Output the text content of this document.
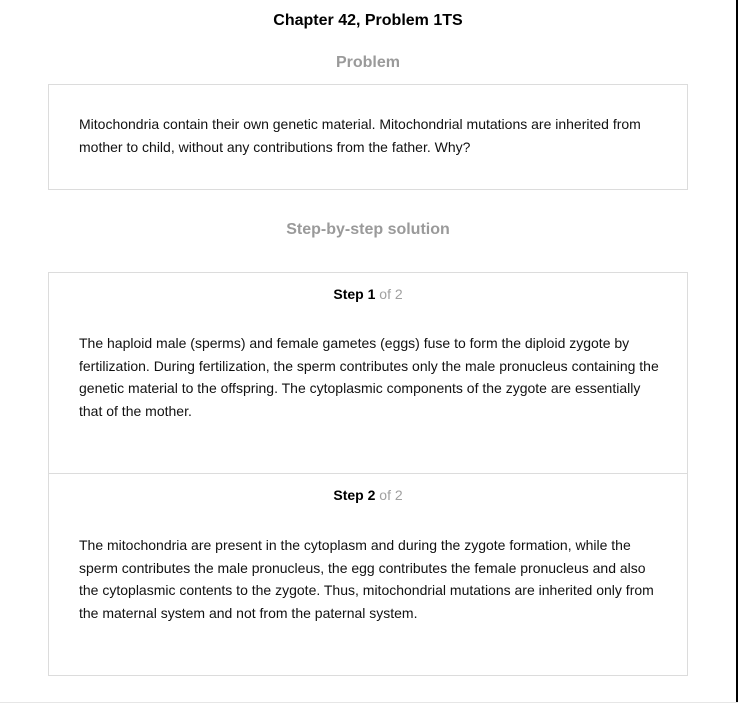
Chapter 42, Problem 1TS
Problem

Mitochondria contain their own genetic material. Mitochondrial mutations are inherited from mother to child, without any contributions from the father. Why?

Step-by-step solution
Step 1 of 2

The haploid male (sperms) and female gametes (eggs) fuse to form the diploid zygote by fertilization. During fertilization, the sperm contributes only the male pronucleus containing the genetic material to the offspring. The cytoplasmic components of the zygote are essentially that of the mother.

Step 2 of 2

The mitochondria are present in the cytoplasm and during the zygote formation, while the sperm contributes the male pronucleus, the egg contributes the female pronucleus and also the cytoplasmic contents to the zygote. Thus, mitochondrial mutations are inherited only from the maternal system and not from the paternal system.
